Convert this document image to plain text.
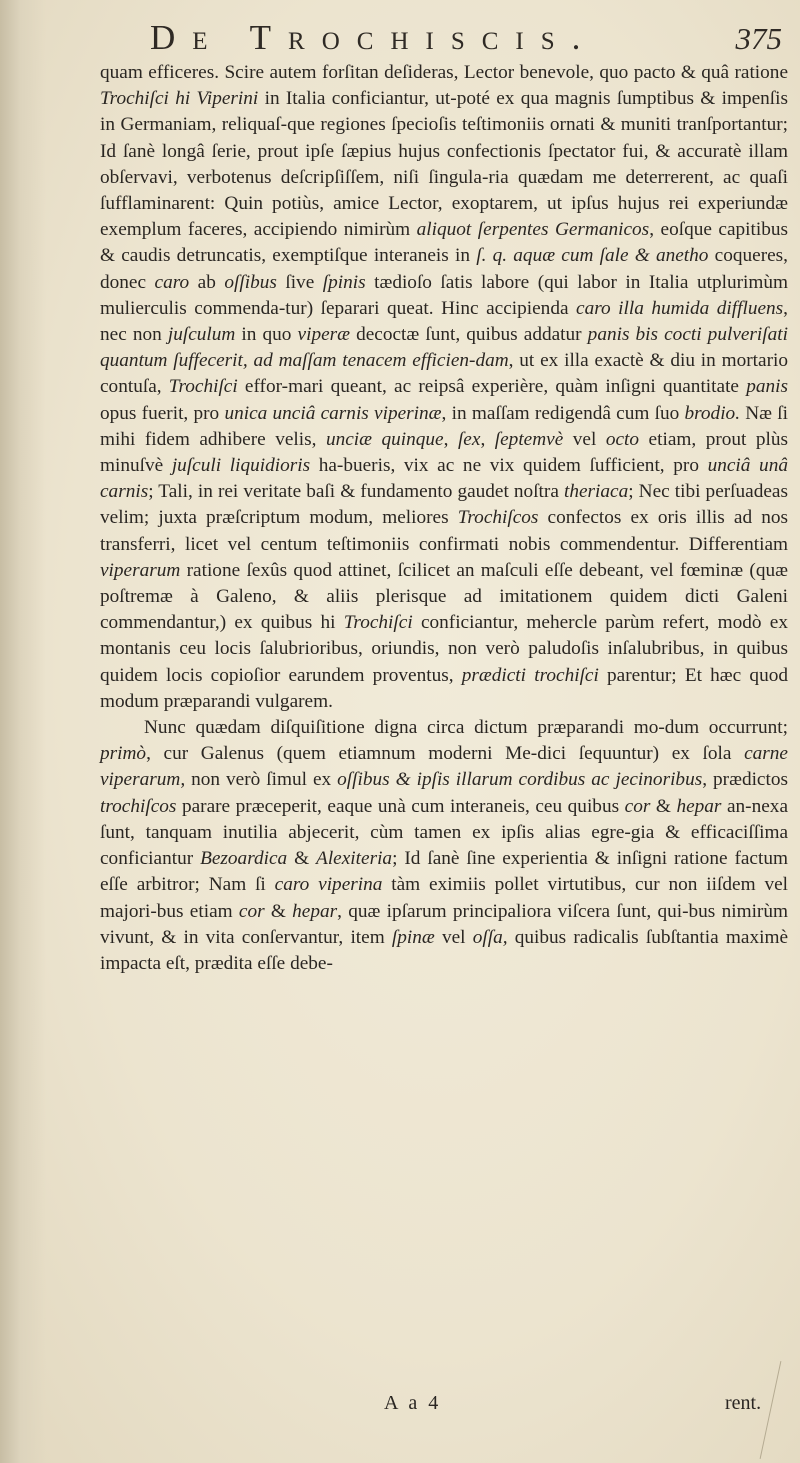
De Trochiscis.	375

quam efficeres. Scire autem forſitan deſideras, Lector benevole, quo pacto & quâ ratione Trochiſci hi Viperini in Italia conficiantur, ut-poté ex qua magnis ſumptibus & impenſis in Germaniam, reliquaſ-que regiones ſpecioſis teſtimoniis ornati & muniti tranſportantur; Id ſanè longâ ſerie, prout ipſe ſæpius hujus confectionis ſpectator fui, & accuratè illam obſervavi, verbotenus deſcripſiſſem, niſi ſingula-ria quædam me deterrerent, ac quaſi ſufflaminarent: Quin potiùs, amice Lector, exoptarem, ut ipſus hujus rei experiundæ exemplum faceres, accipiendo nimirùm aliquot ſerpentes Germanicos, eoſque capitibus & caudis detruncatis, exemptiſque interaneis in ſ. q. aquæ cum ſale & anetho coqueres, donec caro ab oſſibus ſive ſpinis tædioſo ſatis labore (qui labor in Italia utplurimùm mulierculis commenda-tur) ſeparari queat. Hinc accipienda caro illa humida diffluens, nec non juſculum in quo viperæ decoctæ ſunt, quibus addatur panis bis cocti pulveriſati quantum ſuffecerit, ad maſſam tenacem efficien-dam, ut ex illa exactè & diu in mortario contuſa, Trochiſci effor-mari queant, ac reipsâ experière, quàm inſigni quantitate panis opus fuerit, pro unica unciâ carnis viperinæ, in maſſam redigendâ cum ſuo brodio. Næ ſi mihi fidem adhibere velis, unciæ quinque, ſex, ſeptemvè vel octo etiam, prout plùs minuſvè juſculi liquidioris ha-bueris, vix ac ne vix quidem ſufficient, pro unciâ unâ carnis; Tali, in rei veritate baſi & fundamento gaudet noſtra theriaca; Nec tibi perſuadeas velim; juxta præſcriptum modum, meliores Trochiſcos confectos ex oris illis ad nos transferri, licet vel centum teſtimoniis confirmati nobis commendentur. Differentiam viperarum ratione ſexûs quod attinet, ſcilicet an maſculi eſſe debeant, vel fœminæ (quæ poſtremæ à Galeno, & aliis plerisque ad imitationem quidem dicti Galeni commendantur,) ex quibus hi Trochiſci conficiantur, mehercle parùm refert, modò ex montanis ceu locis ſalubrioribus, oriundis, non verò paludoſis inſalubribus, in quibus quidem locis copioſior earundem proventus, prædicti trochiſci parentur; Et hæc quod modum præparandi vulgarem.

Nunc quædam diſquiſitione digna circa dictum præparandi mo-dum occurrunt; primò, cur Galenus (quem etiamnum moderni Me-dici ſequuntur) ex ſola carne viperarum, non verò ſimul ex oſſibus & ipſis illarum cordibus ac jecinoribus, prædictos trochiſcos parare præceperit, eaque unà cum interaneis, ceu quibus cor & hepar an-nexa ſunt, tanquam inutilia abjecerit, cùm tamen ex ipſis alias egre-gia & efficaciſſima conficiantur Bezoardica & Alexiteria; Id ſanè ſine experientia & inſigni ratione factum eſſe arbitror; Nam ſi caro viperina tàm eximiis pollet virtutibus, cur non iiſdem vel majori-bus etiam cor & hepar, quæ ipſarum principaliora viſcera ſunt, qui-bus nimirùm vivunt, & in vita conſervantur, item ſpinæ vel oſſa, quibus radicalis ſubſtantia maximè impacta eſt, prædita eſſe debe-

A a 4	rent.
